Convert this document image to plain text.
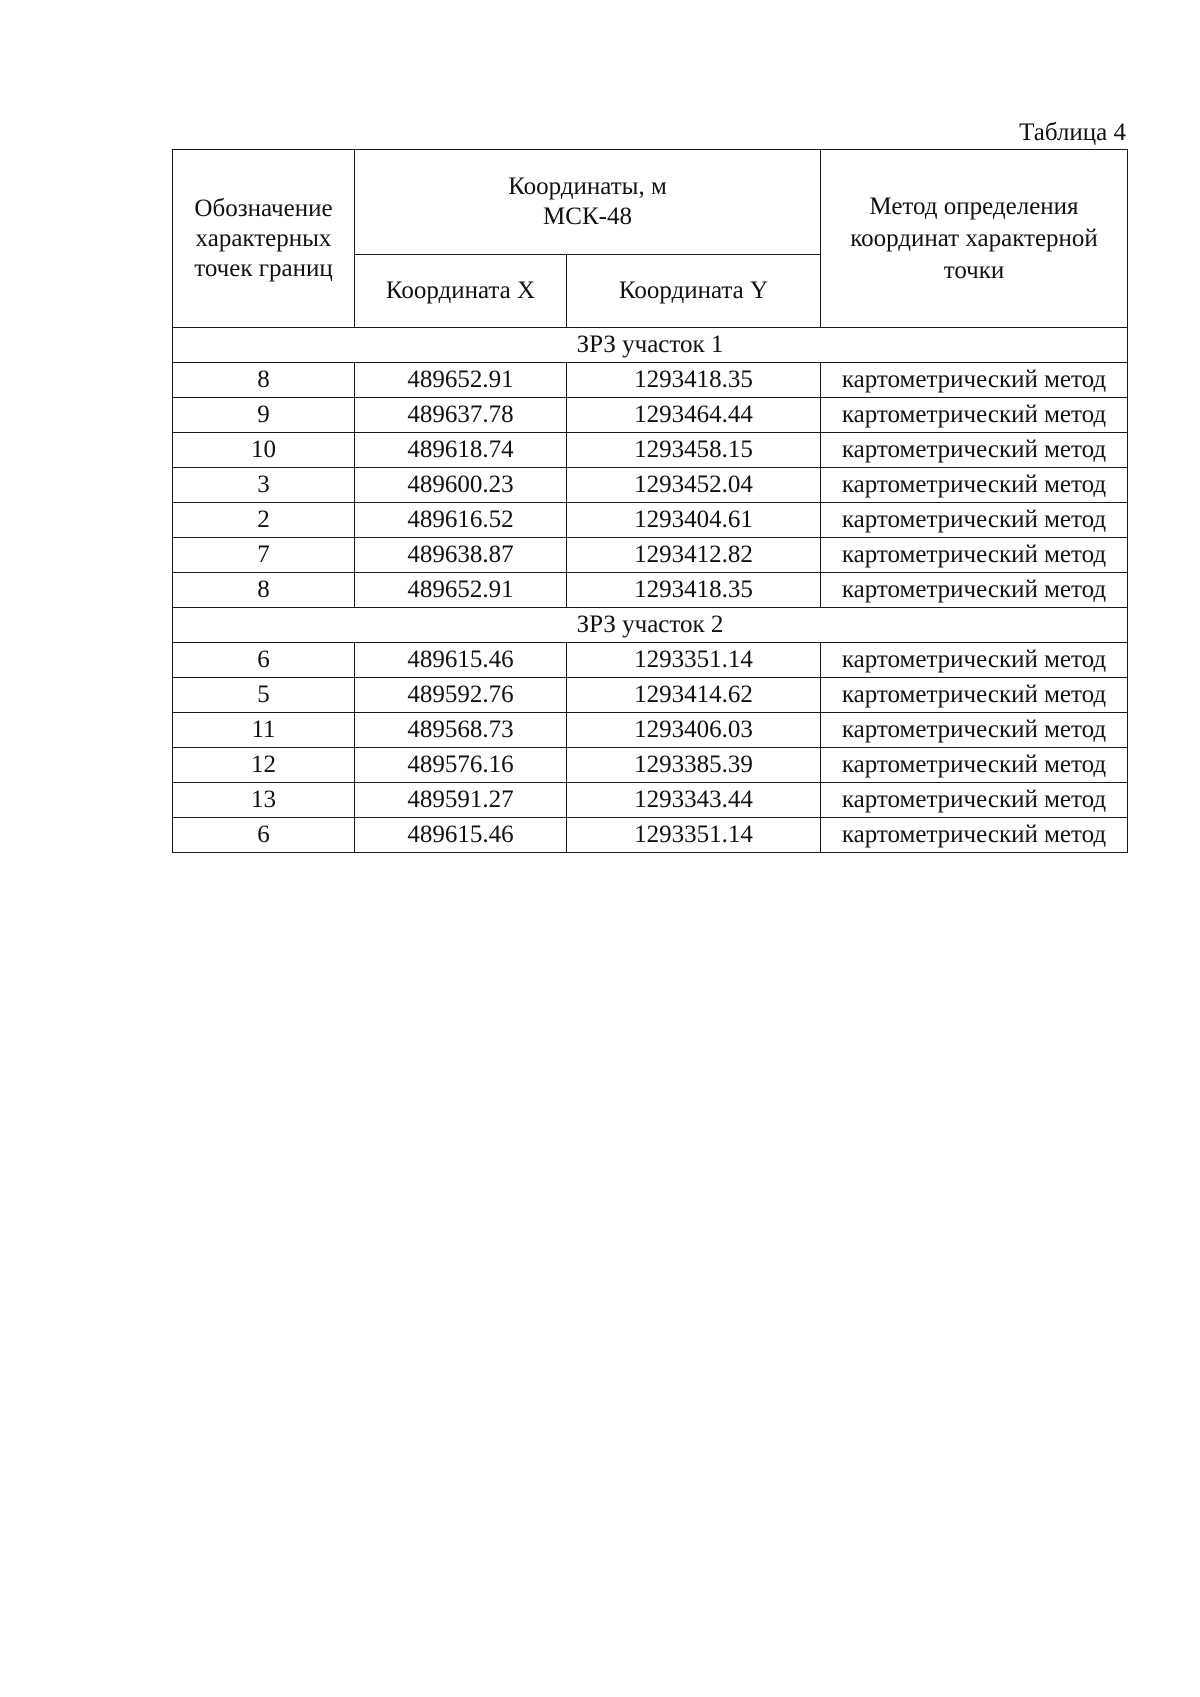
Таблица 4
Обозначение характерных точек границ	Координаты, м МСК-48		Метод определения координат характерной точки
	Координата X	Координата Y	
ЗРЗ участок 1			
8	489652.91	1293418.35	картометрический метод
9	489637.78	1293464.44	картометрический метод
10	489618.74	1293458.15	картометрический метод
3	489600.23	1293452.04	картометрический метод
2	489616.52	1293404.61	картометрический метод
7	489638.87	1293412.82	картометрический метод
8	489652.91	1293418.35	картометрический метод
ЗРЗ участок 2			
6	489615.46	1293351.14	картометрический метод
5	489592.76	1293414.62	картометрический метод
11	489568.73	1293406.03	картометрический метод
12	489576.16	1293385.39	картометрический метод
13	489591.27	1293343.44	картометрический метод
6	489615.46	1293351.14	картометрический метод
